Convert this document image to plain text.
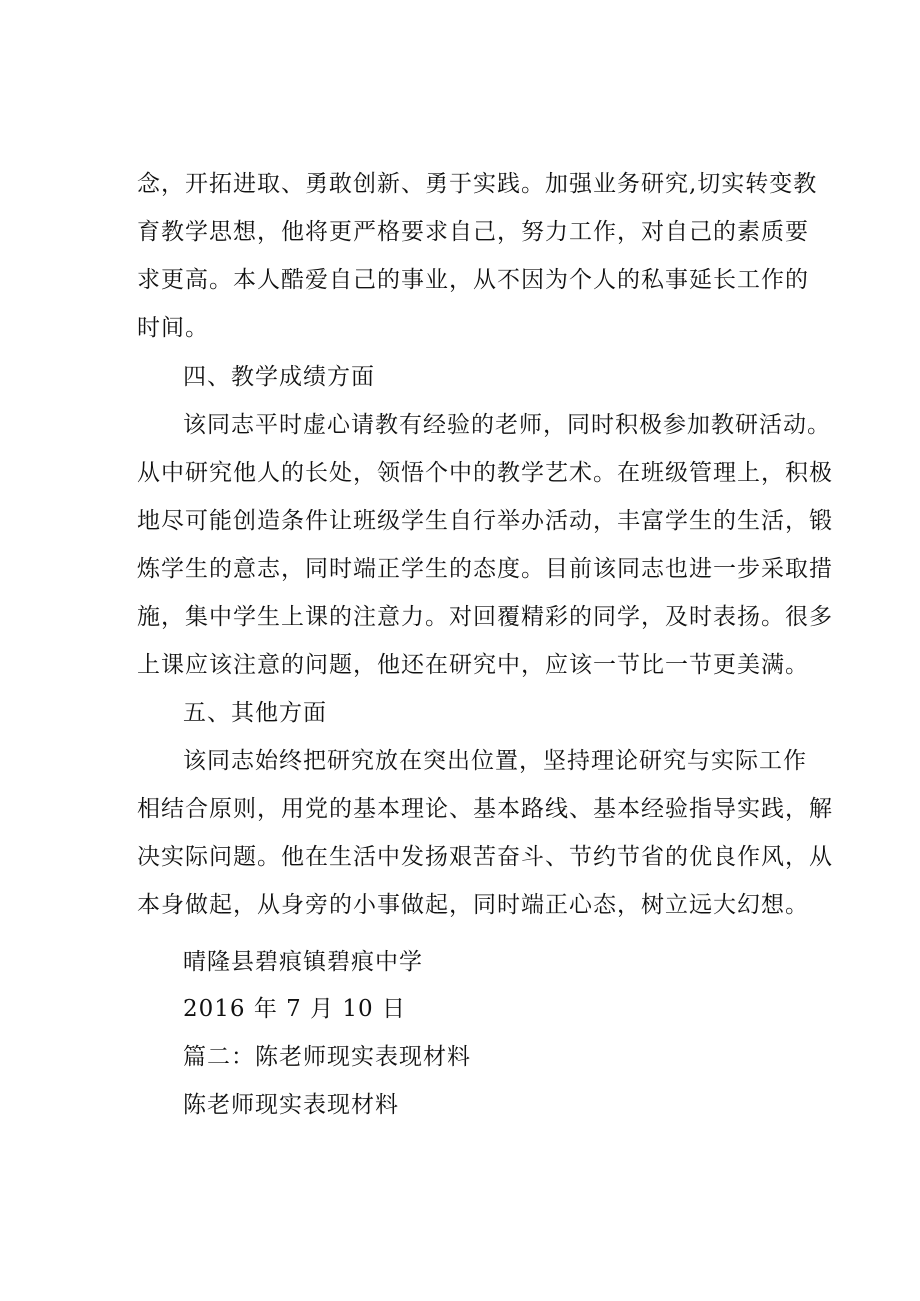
念，开拓进取、勇敢创新、勇于实践。加强业务研究,切实转变教
育教学思想，他将更严格要求自己，努力工作，对自己的素质要
求更高。本人酷爱自己的事业，从不因为个人的私事延长工作的
时间。
四、教学成绩方面
该同志平时虚心请教有经验的老师，同时积极参加教研活动。
从中研究他人的长处，领悟个中的教学艺术。在班级管理上，积极
地尽可能创造条件让班级学生自行举办活动，丰富学生的生活，锻
炼学生的意志，同时端正学生的态度。目前该同志也进一步采取措
施，集中学生上课的注意力。对回覆精彩的同学，及时表扬。很多
上课应该注意的问题，他还在研究中，应该一节比一节更美满。
五、其他方面
该同志始终把研究放在突出位置，坚持理论研究与实际工作
相结合原则，用党的基本理论、基本路线、基本经验指导实践，解
决实际问题。他在生活中发扬艰苦奋斗、节约节省的优良作风，从
本身做起，从身旁的小事做起，同时端正心态，树立远大幻想。
晴隆县碧痕镇碧痕中学
2016 年 7 月 10 日
篇二：陈老师现实表现材料
陈老师现实表现材料
